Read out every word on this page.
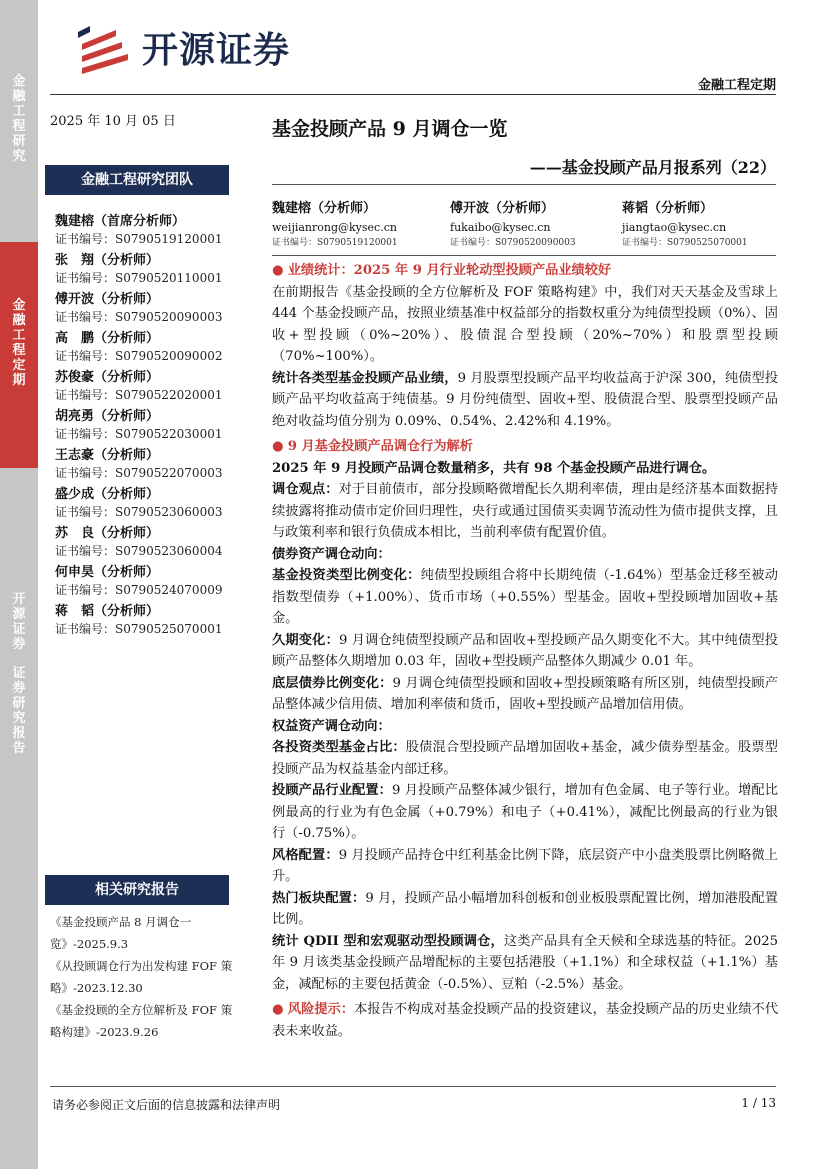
金融工程研究
金融工程定期
开源证券
证券研究报告
开源证券
金融工程定期
2025 年 10 月 05 日	基金投顾产品 9 月调仓一览
——基金投顾产品月报系列（22）
金融工程研究团队
魏建榕（首席分析师）
证书编号：S0790519120001
张　翔（分析师）
证书编号：S0790520110001
傅开波（分析师）
证书编号：S0790520090003
高　鹏（分析师）
证书编号：S0790520090002
苏俊豪（分析师）
证书编号：S0790522020001
胡亮勇（分析师）
证书编号：S0790522030001
王志豪（分析师）
证书编号：S0790522070003
盛少成（分析师）
证书编号：S0790523060003
苏　良（分析师）
证书编号：S0790523060004
何申昊（分析师）
证书编号：S0790524070009
蒋　韬（分析师）
证书编号：S0790525070001
相关研究报告
《基金投顾产品 8 月调仓一览》-2025.9.3
《从投顾调仓行为出发构建 FOF 策略》-2023.12.30
《基金投顾的全方位解析及 FOF 策略构建》-2023.9.26
魏建榕（分析师）
weijianrong@kysec.cn
证书编号：S0790519120001
傅开波（分析师）
fukaibo@kysec.cn
证书编号：S0790520090003
蒋韬（分析师）
jiangtao@kysec.cn
证书编号：S0790525070001

● 业绩统计：2025 年 9 月行业轮动型投顾产品业绩较好

在前期报告《基金投顾的全方位解析及 FOF 策略构建》中，我们对天天基金及雪球上 444 个基金投顾产品，按照业绩基准中权益部分的指数权重分为纯债型投顾（0%）、固收+型投顾（0%~20%）、股债混合型投顾（20%~70%）和股票型投顾（70%~100%）。

统计各类型基金投顾产品业绩，9 月股票型投顾产品平均收益高于沪深 300，纯债型投顾产品平均收益高于纯债基。9 月份纯债型、固收+型、股债混合型、股票型投顾产品绝对收益均值分别为 0.09%、0.54%、2.42%和 4.19%。

● 9 月基金投顾产品调仓行为解析

2025 年 9 月投顾产品调仓数量稍多，共有 98 个基金投顾产品进行调仓。

调仓观点：对于目前债市，部分投顾略微增配长久期利率债，理由是经济基本面数据持续披露将推动债市定价回归理性，央行或通过国债买卖调节流动性为债市提供支撑，且与政策利率和银行负债成本相比，当前利率债有配置价值。

债券资产调仓动向：

基金投资类型比例变化：纯债型投顾组合将中长期纯债（-1.64%）型基金迁移至被动指数型债券（+1.00%）、货币市场（+0.55%）型基金。固收+型投顾增加固收+基金。

久期变化：9 月调仓纯债型投顾产品和固收+型投顾产品久期变化不大。其中纯债型投顾产品整体久期增加 0.03 年，固收+型投顾产品整体久期减少 0.01 年。

底层债券比例变化：9 月调仓纯债型投顾和固收+型投顾策略有所区别，纯债型投顾产品整体减少信用债、增加利率债和货币，固收+型投顾产品增加信用债。

权益资产调仓动向：

各投资类型基金占比：股债混合型投顾产品增加固收+基金，减少债券型基金。股票型投顾产品为权益基金内部迁移。

投顾产品行业配置：9 月投顾产品整体减少银行，增加有色金属、电子等行业。增配比例最高的行业为有色金属（+0.79%）和电子（+0.41%），减配比例最高的行业为银行（-0.75%）。

风格配置：9 月投顾产品持仓中红利基金比例下降，底层资产中小盘类股票比例略微上升。

热门板块配置：9 月，投顾产品小幅增加科创板和创业板股票配置比例，增加港股配置比例。

统计 QDII 型和宏观驱动型投顾调仓，这类产品具有全天候和全球选基的特征。2025 年 9 月该类基金投顾产品增配标的主要包括港股（+1.1%）和全球权益（+1.1%）基金，减配标的主要包括黄金（-0.5%）、豆粕（-2.5%）基金。

● 风险提示：本报告不构成对基金投顾产品的投资建议，基金投顾产品的历史业绩不代表未来收益。

请务必参阅正文后面的信息披露和法律声明	1 / 13
